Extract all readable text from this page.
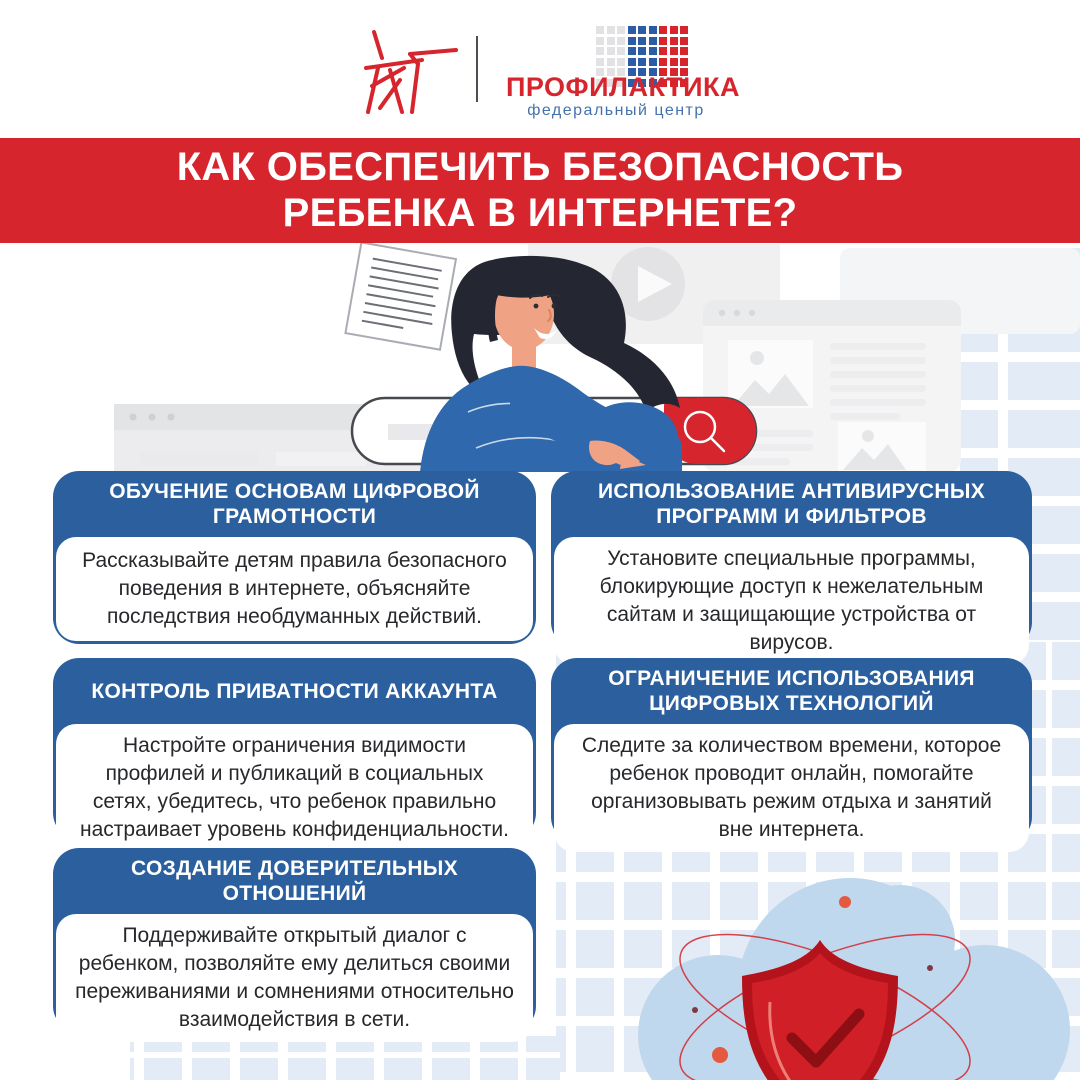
ПРОФИЛАКТИКА
федеральный центр
КАК ОБЕСПЕЧИТЬ БЕЗОПАСНОСТЬ
РЕБЕНКА В ИНТЕРНЕТЕ?
ОБУЧЕНИЕ ОСНОВАМ ЦИФРОВОЙ ГРАМОТНОСТИ

Рассказывайте детям правила безопасного поведения в интернете, объясняйте последствия необдуманных действий.

ИСПОЛЬЗОВАНИЕ АНТИВИРУСНЫХ ПРОГРАММ И ФИЛЬТРОВ

Установите специальные программы, блокирующие доступ к нежелательным сайтам и защищающие устройства от вирусов.

КОНТРОЛЬ ПРИВАТНОСТИ АККАУНТА

Настройте ограничения видимости профилей и публикаций в социальных сетях, убедитесь, что ребенок правильно настраивает уровень конфиденциальности.

ОГРАНИЧЕНИЕ ИСПОЛЬЗОВАНИЯ ЦИФРОВЫХ ТЕХНОЛОГИЙ

Следите за количеством времени, которое ребенок проводит онлайн, помогайте организовывать режим отдыха и занятий вне интернета.

СОЗДАНИЕ ДОВЕРИТЕЛЬНЫХ ОТНОШЕНИЙ

Поддерживайте открытый диалог с ребенком, позволяйте ему делиться своими переживаниями и сомнениями относительно взаимодействия в сети.
